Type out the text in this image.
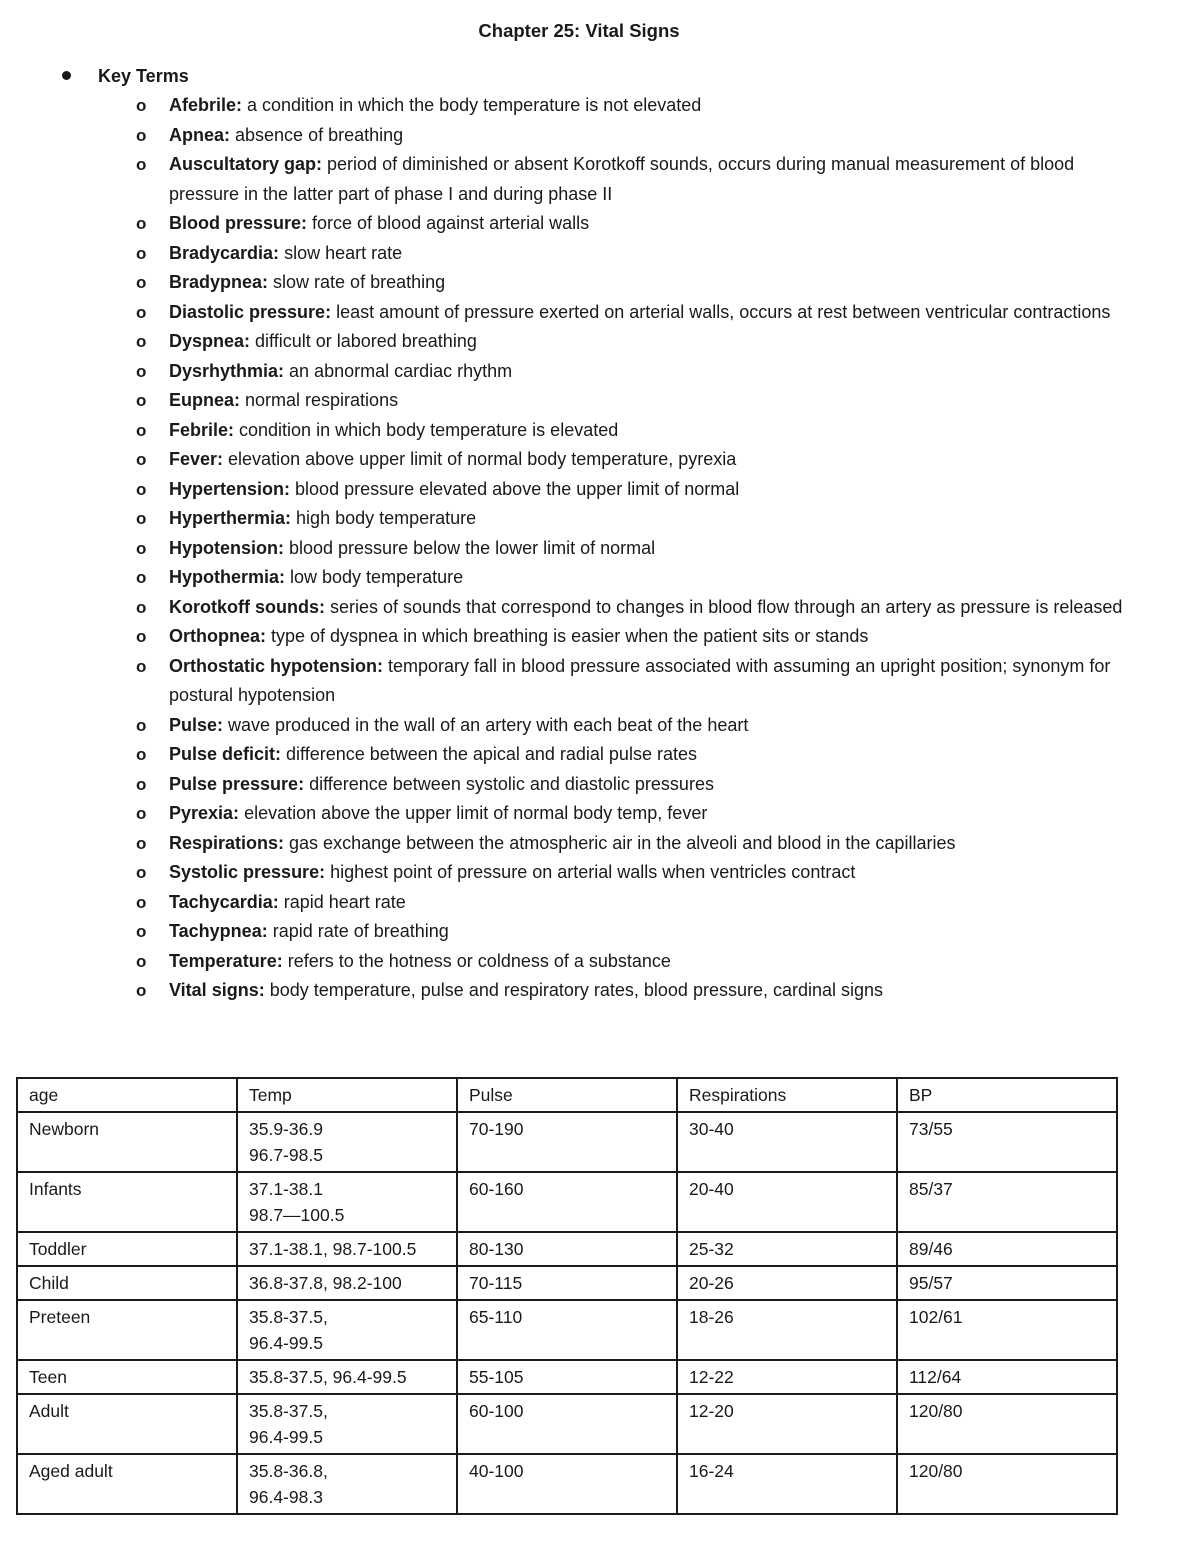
Chapter 25: Vital Signs
Key Terms
o Afebrile: a condition in which the body temperature is not elevated
o Apnea: absence of breathing
o Auscultatory gap: period of diminished or absent Korotkoff sounds, occurs during manual measurement of blood pressure in the latter part of phase I and during phase II
o Blood pressure: force of blood against arterial walls
o Bradycardia: slow heart rate
o Bradypnea: slow rate of breathing
o Diastolic pressure: least amount of pressure exerted on arterial walls, occurs at rest between ventricular contractions
o Dyspnea: difficult or labored breathing
o Dysrhythmia: an abnormal cardiac rhythm
o Eupnea: normal respirations
o Febrile: condition in which body temperature is elevated
o Fever: elevation above upper limit of normal body temperature, pyrexia
o Hypertension: blood pressure elevated above the upper limit of normal
o Hyperthermia: high body temperature
o Hypotension: blood pressure below the lower limit of normal
o Hypothermia: low body temperature
o Korotkoff sounds: series of sounds that correspond to changes in blood flow through an artery as pressure is released
o Orthopnea: type of dyspnea in which breathing is easier when the patient sits or stands
o Orthostatic hypotension: temporary fall in blood pressure associated with assuming an upright position; synonym for postural hypotension
o Pulse: wave produced in the wall of an artery with each beat of the heart
o Pulse deficit: difference between the apical and radial pulse rates
o Pulse pressure: difference between systolic and diastolic pressures
o Pyrexia: elevation above the upper limit of normal body temp, fever
o Respirations: gas exchange between the atmospheric air in the alveoli and blood in the capillaries
o Systolic pressure: highest point of pressure on arterial walls when ventricles contract
o Tachycardia: rapid heart rate
o Tachypnea: rapid rate of breathing
o Temperature: refers to the hotness or coldness of a substance
o Vital signs: body temperature, pulse and respiratory rates, blood pressure, cardinal signs
age	Temp	Pulse	Respirations	BP

Newborn	35.9-36.9
96.7-98.5	70-190	30-40	73/55

Infants	37.1-38.1
98.7—100.5	60-160	20-40	85/37

Toddler	37.1-38.1, 98.7-100.5	80-130	25-32	89/46

Child	36.8-37.8, 98.2-100	70-115	20-26	95/57

Preteen	35.8-37.5,
96.4-99.5	65-110	18-26	102/61

Teen	35.8-37.5, 96.4-99.5	55-105	12-22	112/64

Adult	35.8-37.5,
96.4-99.5	60-100	12-20	120/80

Aged adult	35.8-36.8,
96.4-98.3	40-100	16-24	120/80
